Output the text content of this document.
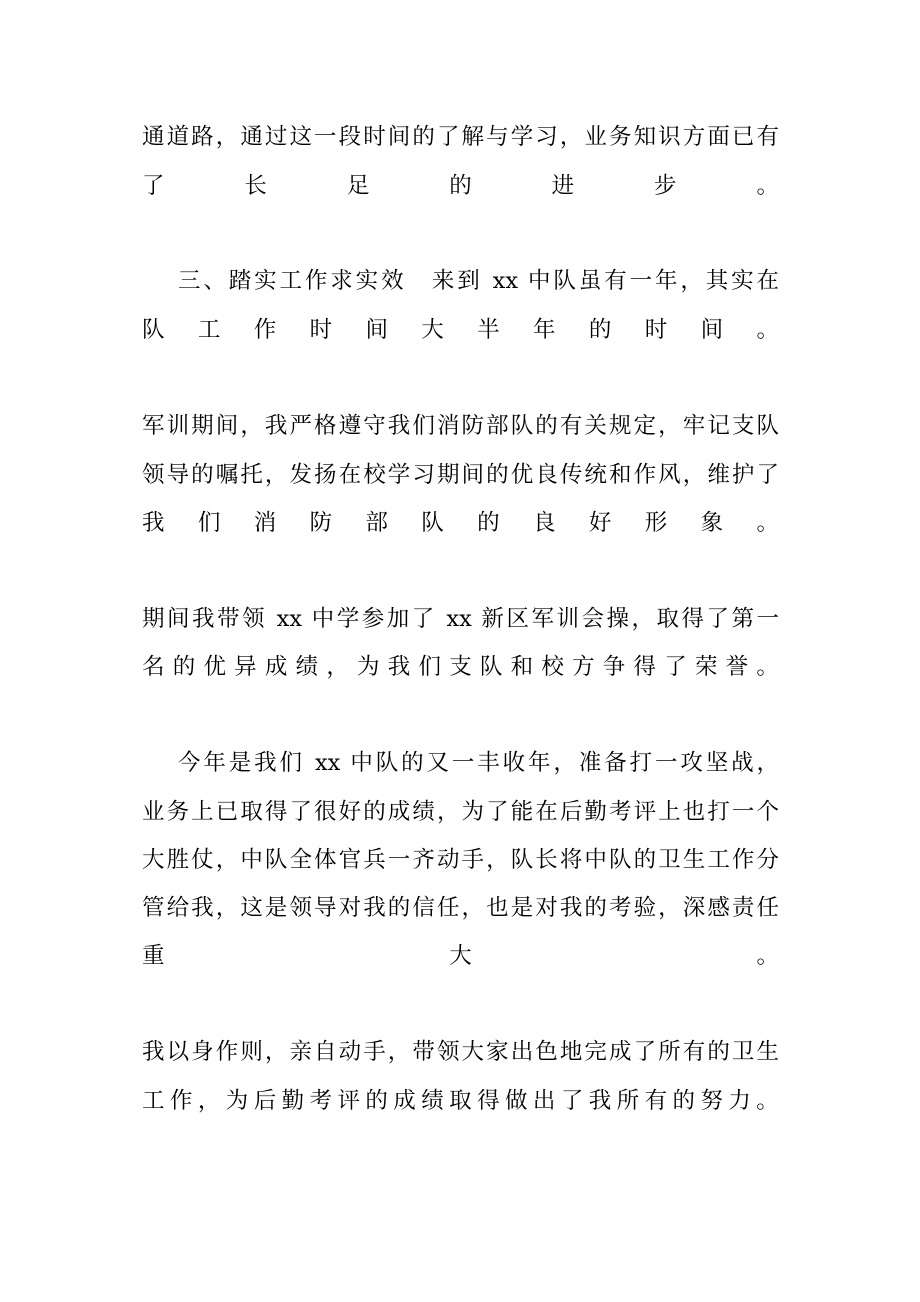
通道路，通过这一段时间的了解与学习，业务知识方面已有
了	长	足	的	进	步	。
三、踏实工作求实效　来到 xx 中队虽有一年，其实在
队 工 作 时 间 大 半 年 的 时 间 。
军训期间，我严格遵守我们消防部队的有关规定，牢记支队
领导的嘱托，发扬在校学习期间的优良传统和作风，维护了
我 们 消 防 部 队 的 良 好 形 象 。
期间我带领 xx 中学参加了 xx 新区军训会操，取得了第一
名 的 优 异 成 绩 ， 为 我 们 支 队 和 校 方 争 得 了 荣 誉 。
今年是我们 xx 中队的又一丰收年，准备打一攻坚战，
业务上已取得了很好的成绩，为了能在后勤考评上也打一个
大胜仗，中队全体官兵一齐动手，队长将中队的卫生工作分
管给我，这是领导对我的信任，也是对我的考验，深感责任
重	大	。
我以身作则，亲自动手，带领大家出色地完成了所有的卫生
工 作 ， 为 后 勤 考 评 的 成 绩 取 得 做 出 了 我 所 有 的 努 力 。
